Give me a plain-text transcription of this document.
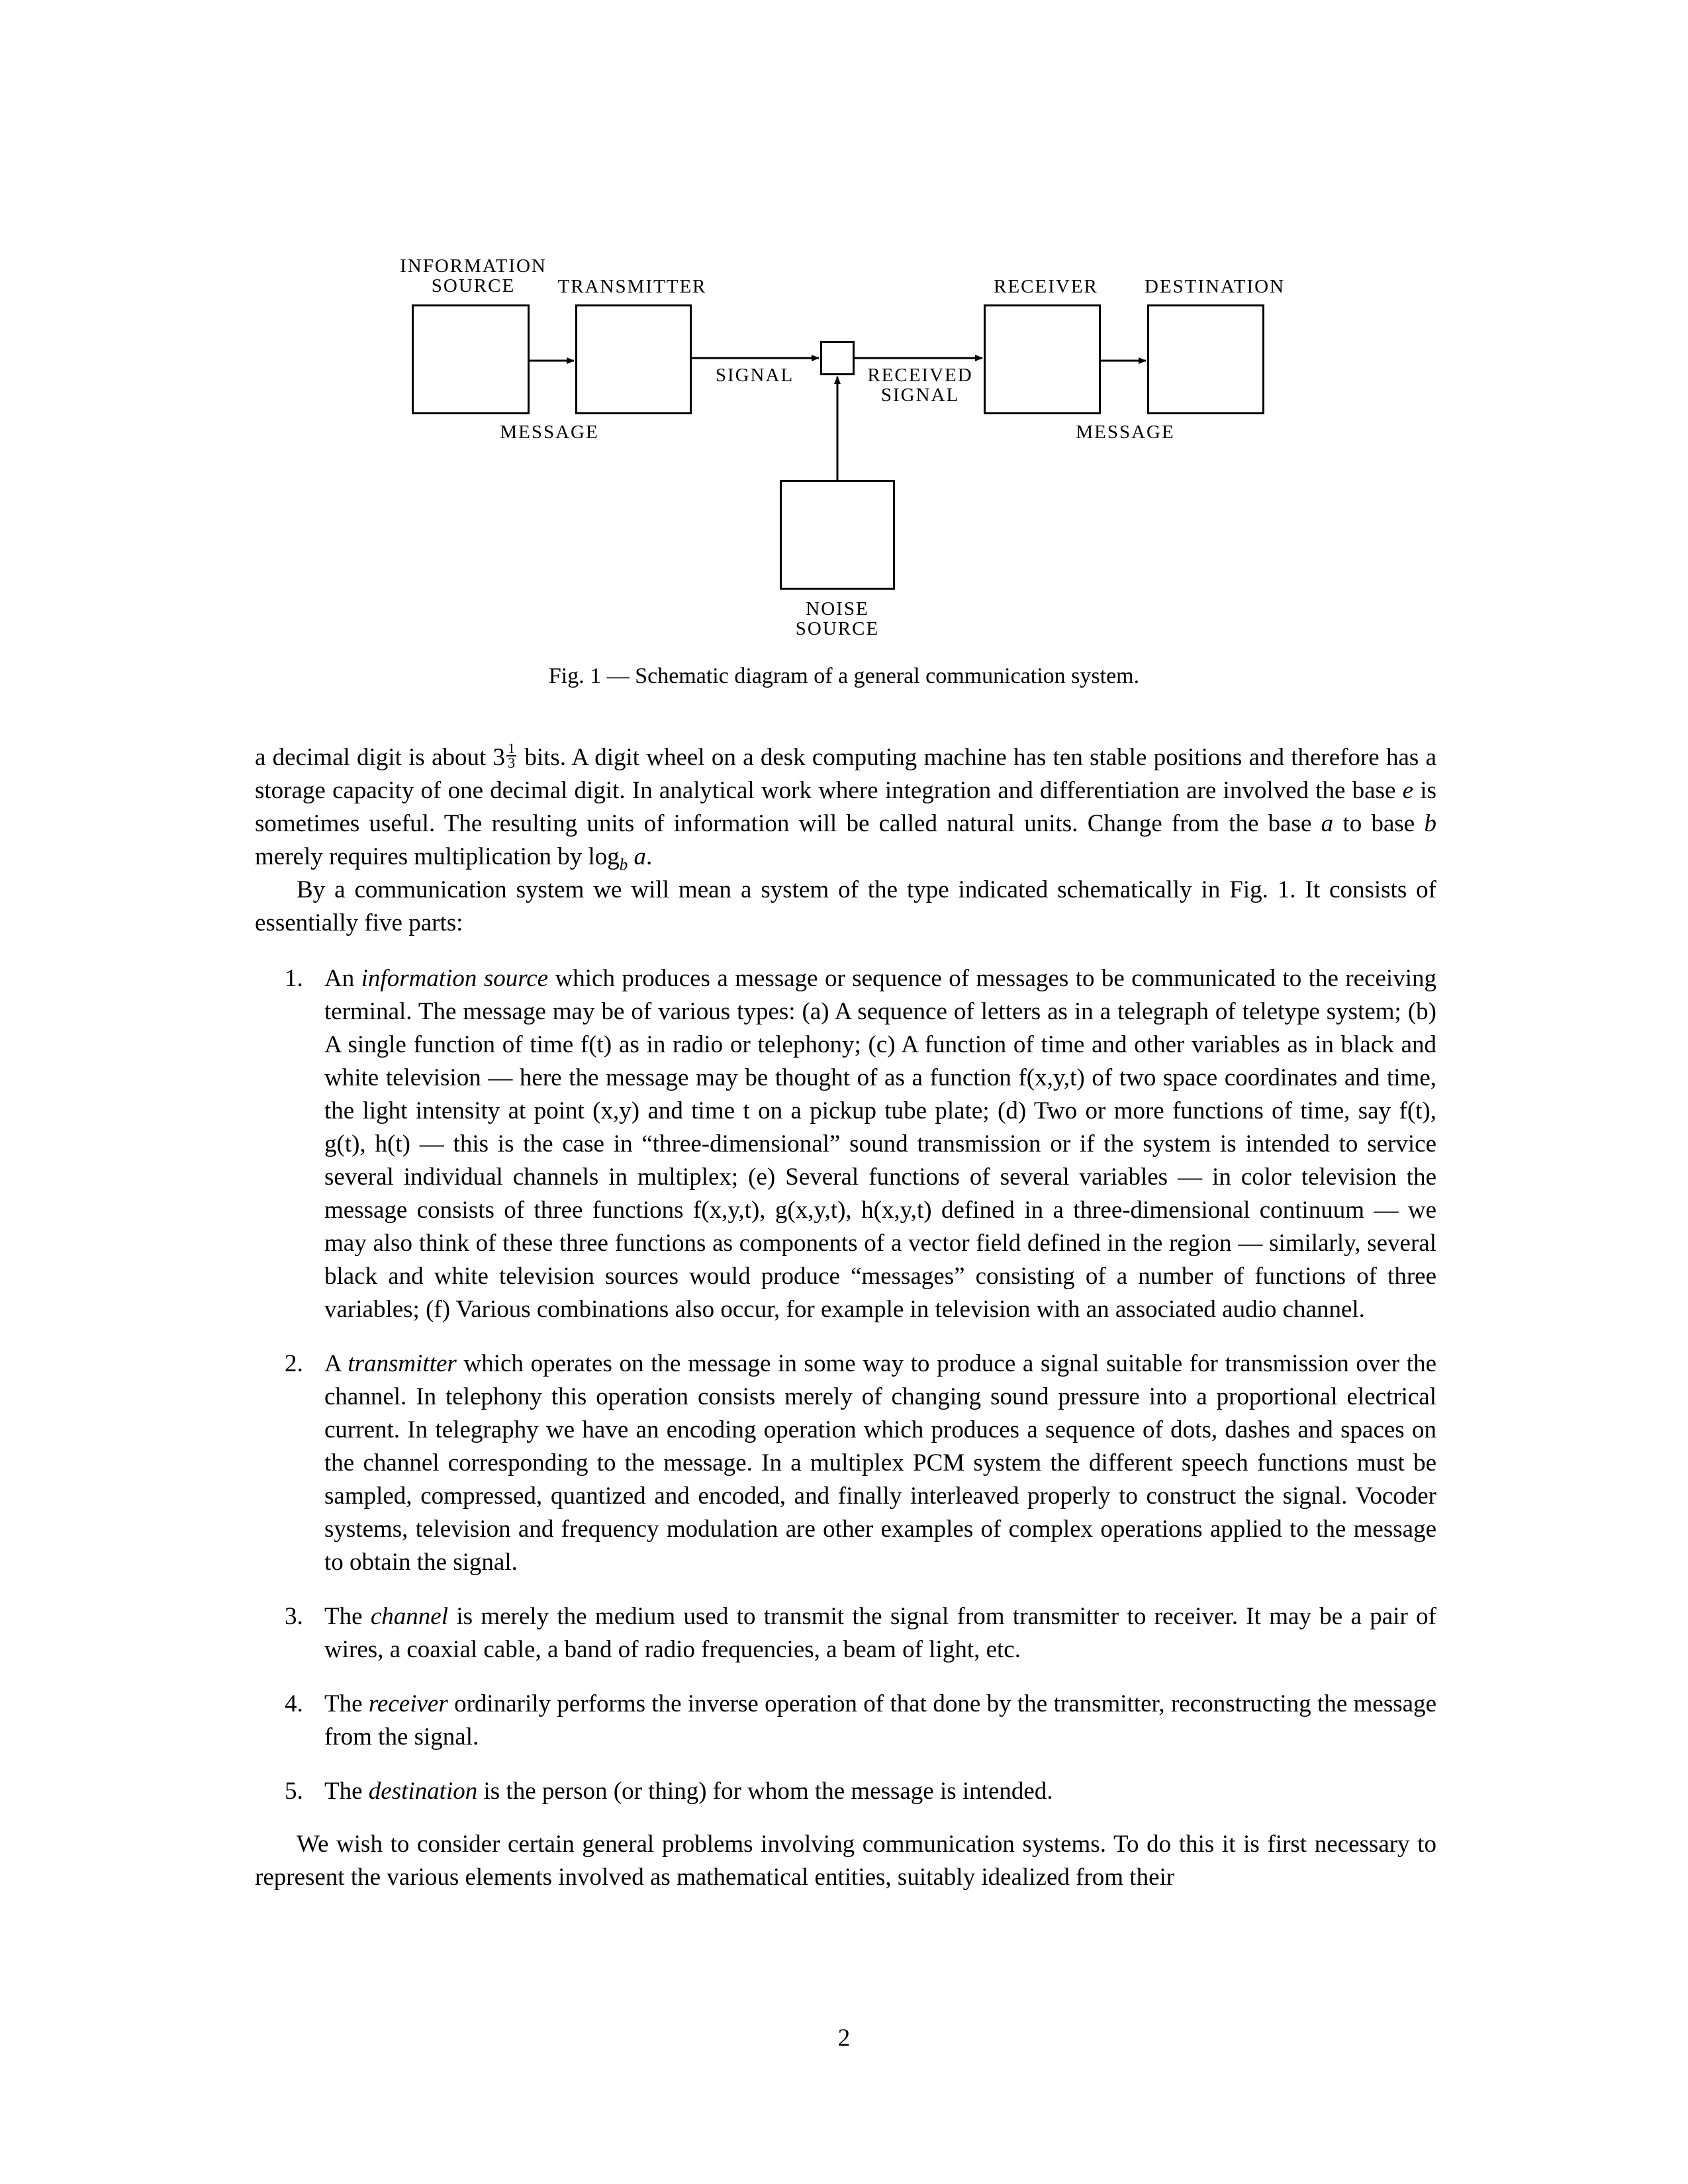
INFORMATION
SOURCE	TRANSMITTER	RECEIVER	DESTINATION
SIGNAL	RECEIVED
SIGNAL
MESSAGE	MESSAGE
NOISE
SOURCE
Fig. 1 — Schematic diagram of a general communication system.

a decimal digit is about $3 \frac{1}{3}$ bits. A digit wheel on a desk computing machine has ten stable positions and therefore has a storage capacity of one decimal digit. In analytical work where integration and differentiation are involved the base e is sometimes useful. The resulting units of information will be called natural units. Change from the base a to base b merely requires multiplication by $\log_b a$.

By a communication system we will mean a system of the type indicated schematically in Fig. 1. It consists of essentially five parts:

1. An information source which produces a message or sequence of messages to be communicated to the receiving terminal. The message may be of various types: (a) A sequence of letters as in a telegraph of teletype system; (b) A single function of time f(t) as in radio or telephony; (c) A function of time and other variables as in black and white television — here the message may be thought of as a function f(x,y,t) of two space coordinates and time, the light intensity at point (x,y) and time t on a pickup tube plate; (d) Two or more functions of time, say f(t), g(t), h(t) — this is the case in “three-dimensional” sound transmission or if the system is intended to service several individual channels in multiplex; (e) Several functions of several variables — in color television the message consists of three functions f(x,y,t), g(x,y,t), h(x,y,t) defined in a three-dimensional continuum — we may also think of these three functions as components of a vector field defined in the region — similarly, several black and white television sources would produce “messages” consisting of a number of functions of three variables; (f) Various combinations also occur, for example in television with an associated audio channel.
2. A transmitter which operates on the message in some way to produce a signal suitable for transmission over the channel. In telephony this operation consists merely of changing sound pressure into a proportional electrical current. In telegraphy we have an encoding operation which produces a sequence of dots, dashes and spaces on the channel corresponding to the message. In a multiplex PCM system the different speech functions must be sampled, compressed, quantized and encoded, and finally interleaved properly to construct the signal. Vocoder systems, television and frequency modulation are other examples of complex operations applied to the message to obtain the signal.
3. The channel is merely the medium used to transmit the signal from transmitter to receiver. It may be a pair of wires, a coaxial cable, a band of radio frequencies, a beam of light, etc.
4. The receiver ordinarily performs the inverse operation of that done by the transmitter, reconstructing the message from the signal.
5. The destination is the person (or thing) for whom the message is intended.

We wish to consider certain general problems involving communication systems. To do this it is first necessary to represent the various elements involved as mathematical entities, suitably idealized from their

2
